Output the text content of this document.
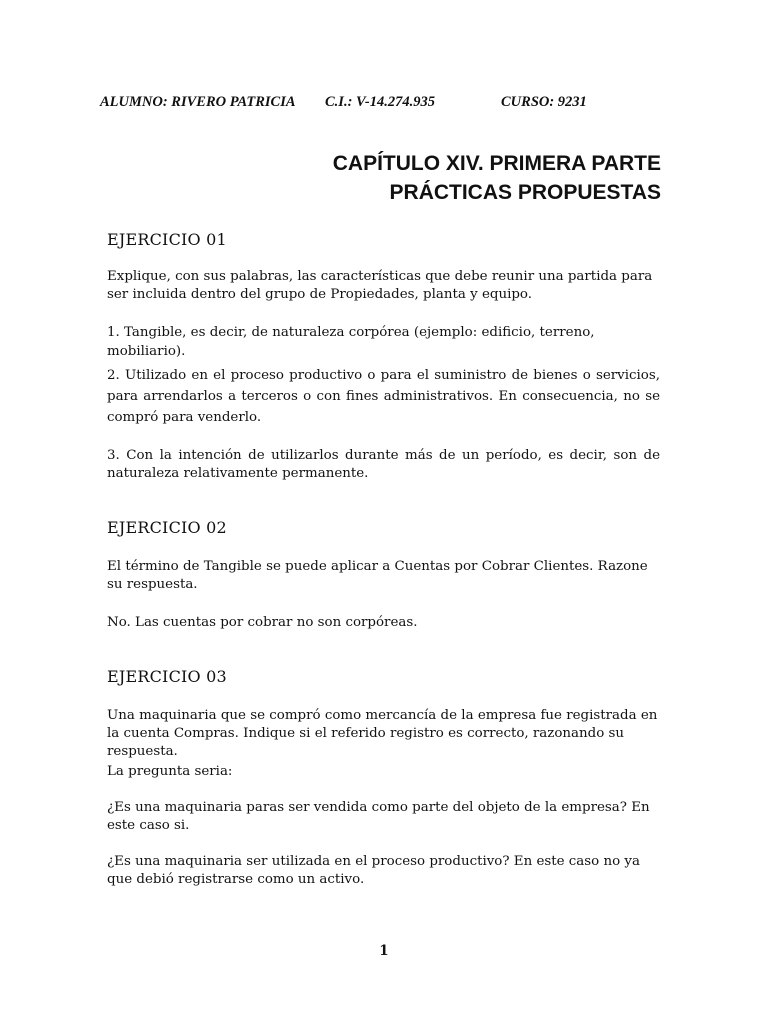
ALUMNO: RIVERO PATRICIA C.I.: V-14.274.935	CURSO: 9231
CAPÍTULO XIV. PRIMERA PARTE
PRÁCTICAS PROPUESTAS
EJERCICIO 01
Explique, con sus palabras, las características que debe reunir una partida para ser incluida dentro del grupo de Propiedades, planta y equipo.
1. Tangible, es decir, de naturaleza corpórea (ejemplo: edificio, terreno, mobiliario).
2. Utilizado en el proceso productivo o para el suministro de bienes o servicios, para arrendarlos a terceros o con fines administrativos. En consecuencia, no se compró para venderlo.
3. Con la intención de utilizarlos durante más de un período, es decir, son de naturaleza relativamente permanente.
EJERCICIO 02
El término de Tangible se puede aplicar a Cuentas por Cobrar Clientes. Razone su respuesta.
No. Las cuentas por cobrar no son corpóreas.
EJERCICIO 03
Una maquinaria que se compró como mercancía de la empresa fue registrada en la cuenta Compras. Indique si el referido registro es correcto, razonando su respuesta.
La pregunta seria:
¿Es una maquinaria paras ser vendida como parte del objeto de la empresa? En este caso si.
¿Es una maquinaria ser utilizada en el proceso productivo? En este caso no ya que debió registrarse como un activo.
1
